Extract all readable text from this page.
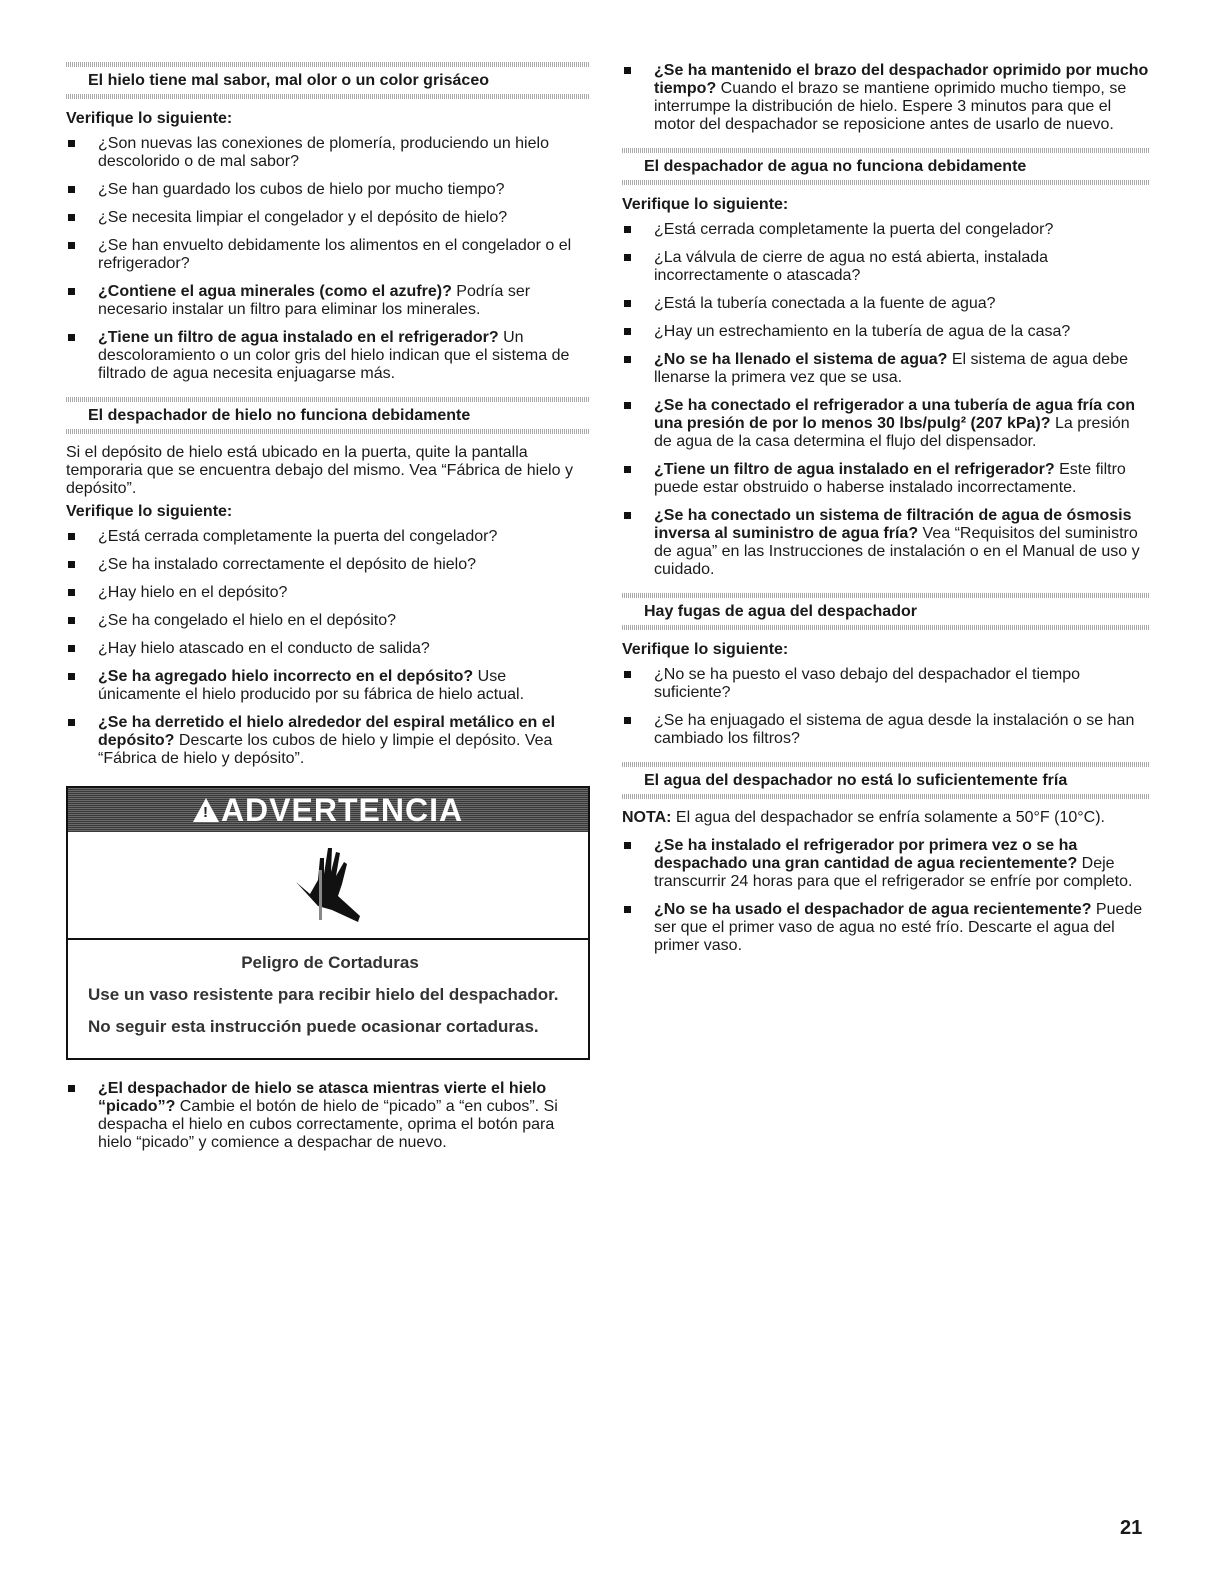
El hielo tiene mal sabor, mal olor o un color grisáceo
Verifique lo siguiente:
¿Son nuevas las conexiones de plomería, produciendo un hielo descolorido o de mal sabor?
¿Se han guardado los cubos de hielo por mucho tiempo?
¿Se necesita limpiar el congelador y el depósito de hielo?
¿Se han envuelto debidamente los alimentos en el congelador o el refrigerador?
¿Contiene el agua minerales (como el azufre)? Podría ser necesario instalar un filtro para eliminar los minerales.
¿Tiene un filtro de agua instalado en el refrigerador? Un descoloramiento o un color gris del hielo indican que el sistema de filtrado de agua necesita enjuagarse más.
El despachador de hielo no funciona debidamente
Si el depósito de hielo está ubicado en la puerta, quite la pantalla temporaria que se encuentra debajo del mismo. Vea “Fábrica de hielo y depósito”.
Verifique lo siguiente:
¿Está cerrada completamente la puerta del congelador?
¿Se ha instalado correctamente el depósito de hielo?
¿Hay hielo en el depósito?
¿Se ha congelado el hielo en el depósito?
¿Hay hielo atascado en el conducto de salida?
¿Se ha agregado hielo incorrecto en el depósito? Use únicamente el hielo producido por su fábrica de hielo actual.
¿Se ha derretido el hielo alrededor del espiral metálico en el depósito? Descarte los cubos de hielo y limpie el depósito. Vea “Fábrica de hielo y depósito”.
! ADVERTENCIA
Peligro de Cortaduras
Use un vaso resistente para recibir hielo del despachador.
No seguir esta instrucción puede ocasionar cortaduras.
¿El despachador de hielo se atasca mientras vierte el hielo “picado”? Cambie el botón de hielo de “picado” a “en cubos”. Si despacha el hielo en cubos correctamente, oprima el botón para hielo “picado” y comience a despachar de nuevo.
¿Se ha mantenido el brazo del despachador oprimido por mucho tiempo? Cuando el brazo se mantiene oprimido mucho tiempo, se interrumpe la distribución de hielo. Espere 3 minutos para que el motor del despachador se reposicione antes de usarlo de nuevo.
El despachador de agua no funciona debidamente
Verifique lo siguiente:
¿Está cerrada completamente la puerta del congelador?
¿La válvula de cierre de agua no está abierta, instalada incorrectamente o atascada?
¿Está la tubería conectada a la fuente de agua?
¿Hay un estrechamiento en la tubería de agua de la casa?
¿No se ha llenado el sistema de agua? El sistema de agua debe llenarse la primera vez que se usa.
¿Se ha conectado el refrigerador a una tubería de agua fría con una presión de por lo menos 30 lbs/pulg² (207 kPa)? La presión de agua de la casa determina el flujo del dispensador.
¿Tiene un filtro de agua instalado en el refrigerador? Este filtro puede estar obstruido o haberse instalado incorrectamente.
¿Se ha conectado un sistema de filtración de agua de ósmosis inversa al suministro de agua fría? Vea “Requisitos del suministro de agua” en las Instrucciones de instalación o en el Manual de uso y cuidado.
Hay fugas de agua del despachador
Verifique lo siguiente:
¿No se ha puesto el vaso debajo del despachador el tiempo suficiente?
¿Se ha enjuagado el sistema de agua desde la instalación o se han cambiado los filtros?
El agua del despachador no está lo suficientemente fría
NOTA: El agua del despachador se enfría solamente a 50°F (10°C).
¿Se ha instalado el refrigerador por primera vez o se ha despachado una gran cantidad de agua recientemente? Deje transcurrir 24 horas para que el refrigerador se enfríe por completo.
¿No se ha usado el despachador de agua recientemente? Puede ser que el primer vaso de agua no esté frío. Descarte el agua del primer vaso.
21
